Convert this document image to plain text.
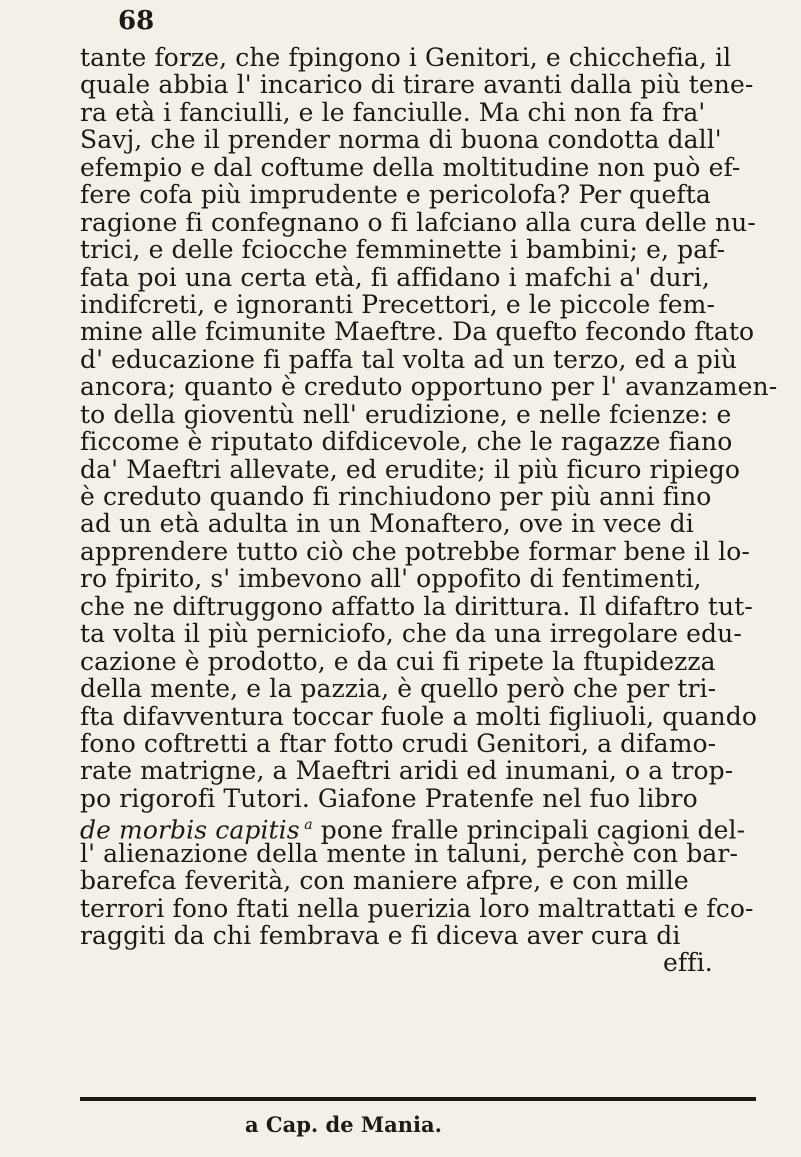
68
tante forze, che fpingono i Genitori, e chicchefia, il
quale abbia l' incarico di tirare avanti dalla più tene-
ra età i fanciulli, e le fanciulle. Ma chi non fa fra'
Savj, che il prender norma di buona condotta dall'
efempio e dal coftume della moltitudine non può ef-
fere cofa più imprudente e pericolofa? Per quefta
ragione fi confegnano o fi lafciano alla cura delle nu-
trici, e delle fciocche femminette i bambini; e, paf-
fata poi una certa età, fi affidano i mafchi a' duri,
indifcreti, e ignoranti Precettori, e le piccole fem-
mine alle fcimunite Maeftre. Da quefto fecondo ftato
d' educazione fi paffa tal volta ad un terzo, ed a più
ancora; quanto è creduto opportuno per l' avanzamen-
to della gioventù nell' erudizione, e nelle fcienze: e
ficcome è riputato difdicevole, che le ragazze fiano
da' Maeftri allevate, ed erudite; il più ficuro ripiego
è creduto quando fi rinchiudono per più anni fino
ad un età adulta in un Monaftero, ove in vece di
apprendere tutto ciò che potrebbe formar bene il lo-
ro fpirito, s' imbevono all' oppofito di fentimenti,
che ne diftruggono affatto la dirittura. Il difaftro tut-
ta volta il più perniciofo, che da una irregolare edu-
cazione è prodotto, e da cui fi ripete la ftupidezza
della mente, e la pazzia, è quello però che per tri-
fta difavventura toccar fuole a molti figliuoli, quando
fono coftretti a ftar fotto crudi Genitori, a difamo-
rate matrigne, a Maeftri aridi ed inumani, o a trop-
po rigorofi Tutori. Giafone Pratenfe nel fuo libro
de morbis capitis $^a$ pone fralle principali cagioni del-
l' alienazione della mente in taluni, perchè con bar-
barefca feverità, con maniere afpre, e con mille
terrori fono ftati nella puerizia loro maltrattati e fco-
raggiti da chi fembrava e fi diceva aver cura di
effi.
a Cap. de Mania.
